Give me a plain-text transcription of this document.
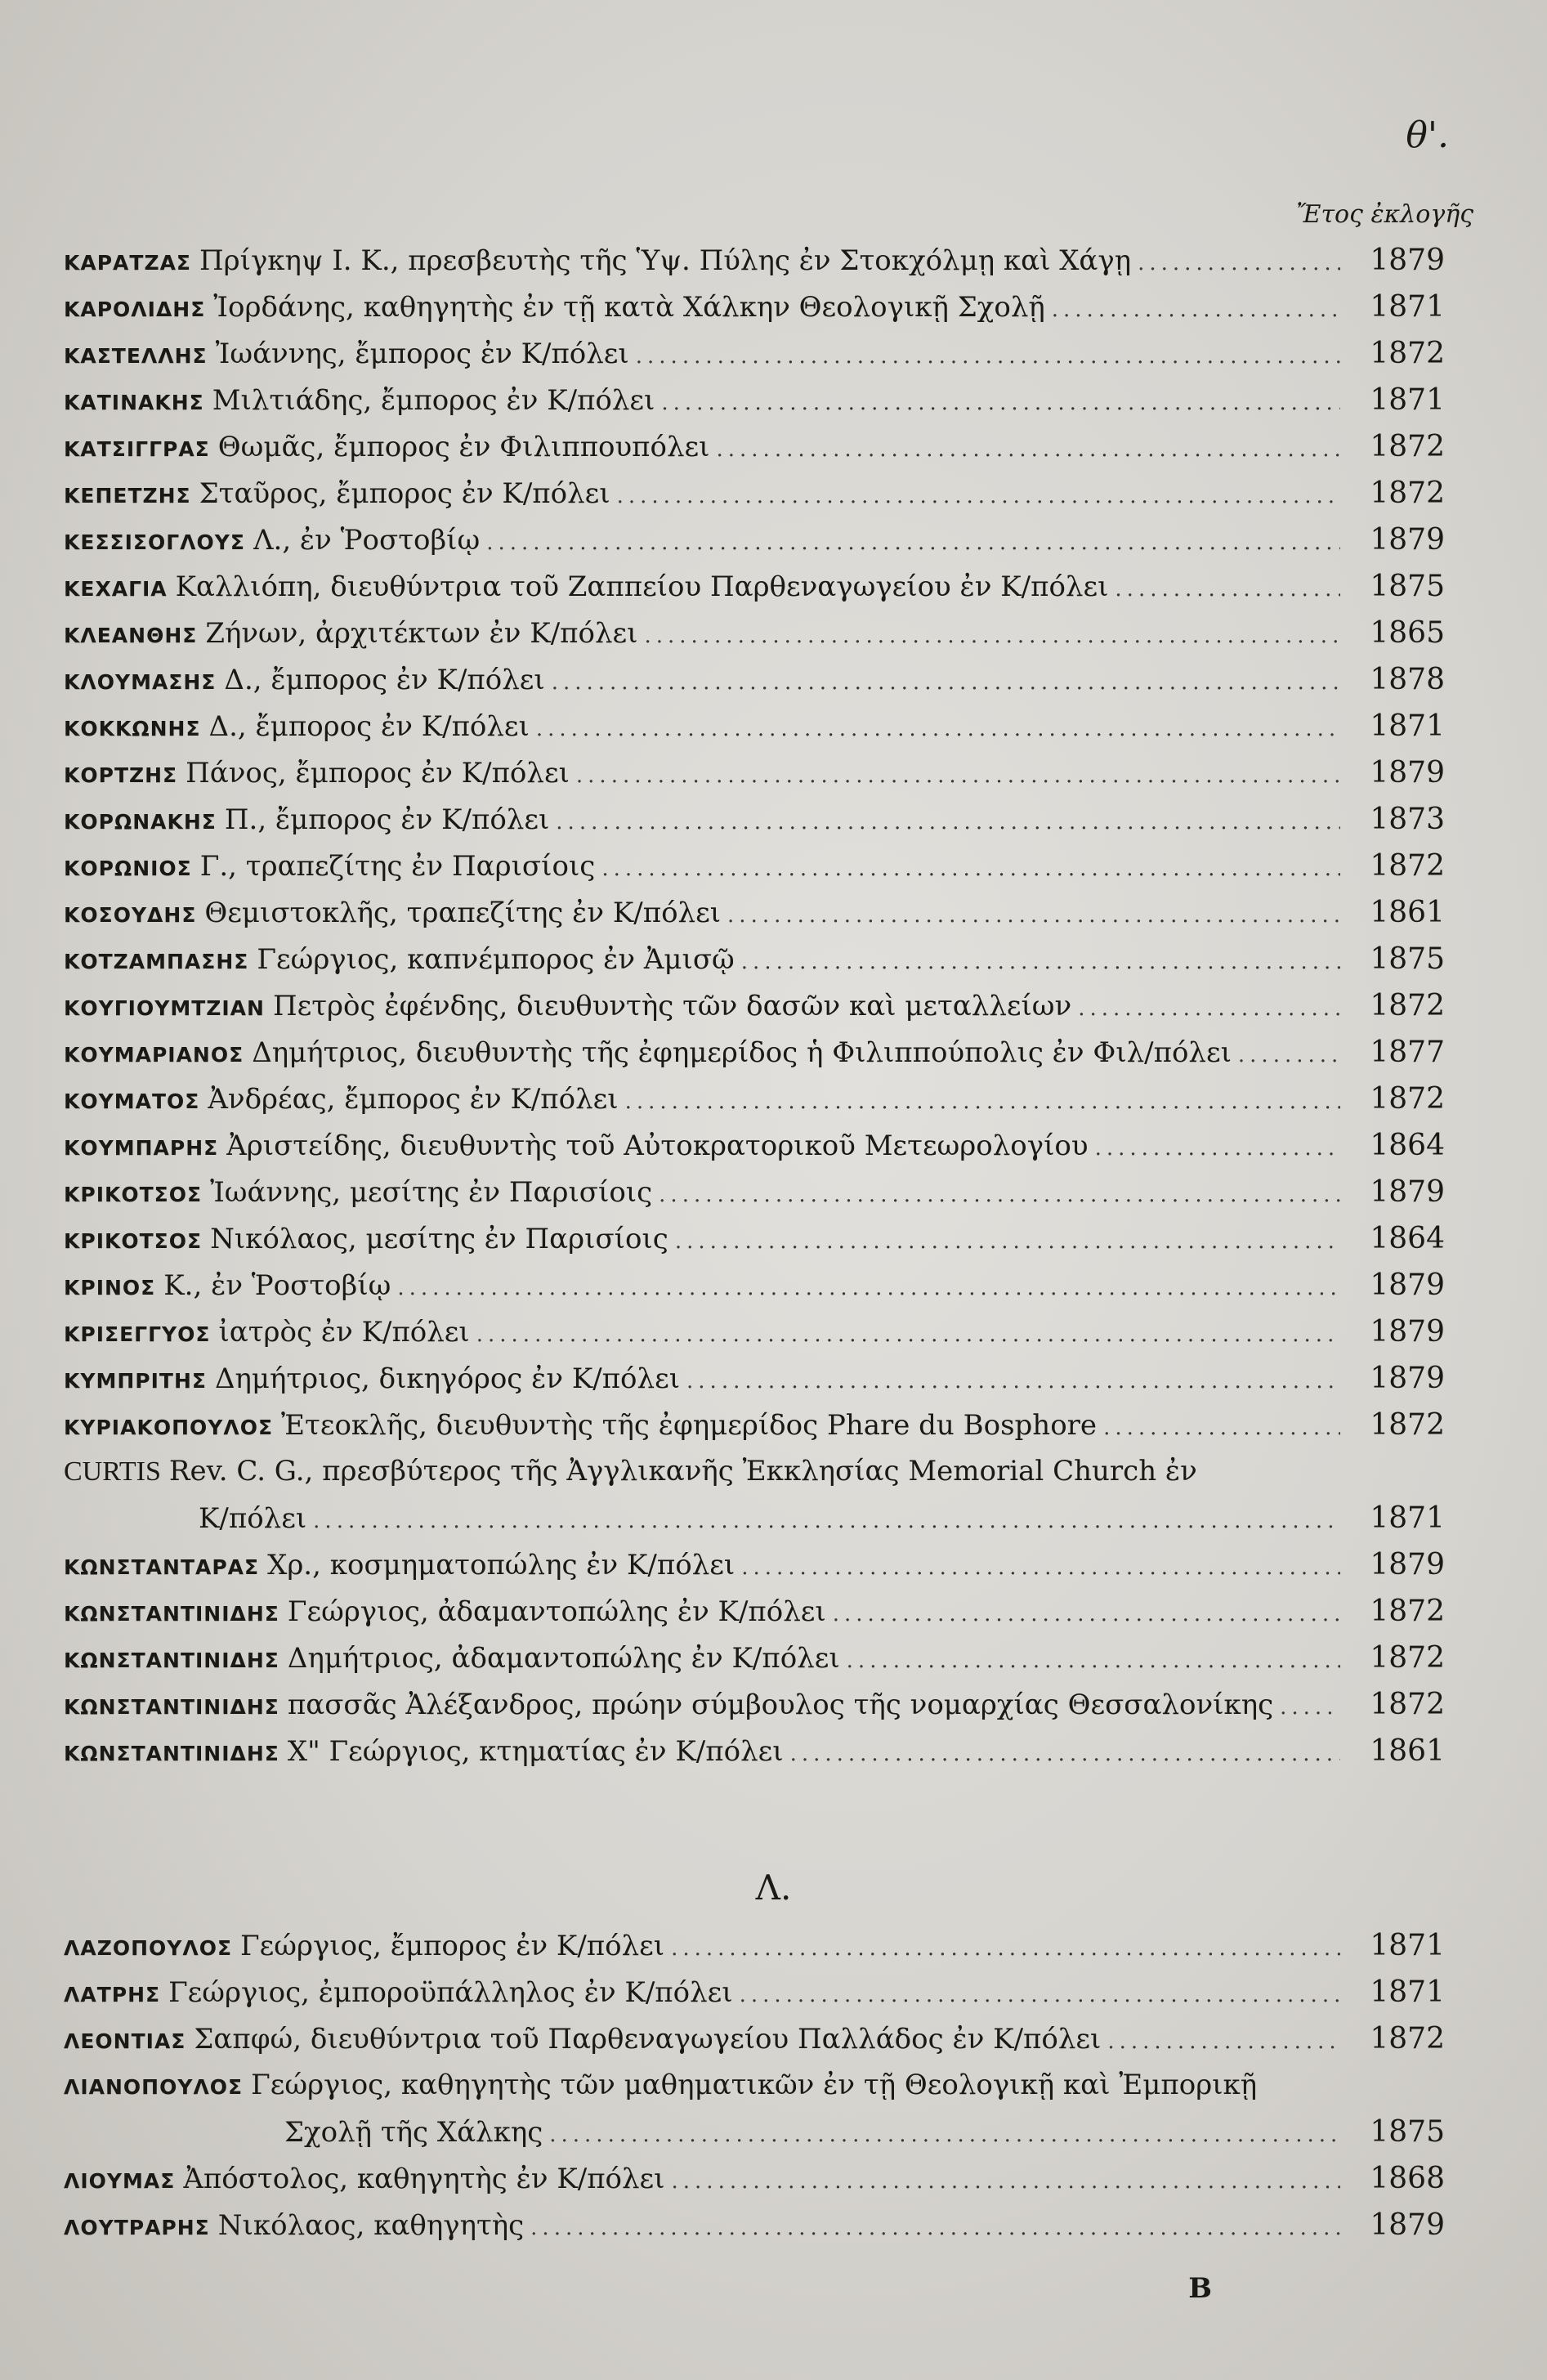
θ'.
Ἔτος ἐκλογῆς
ΚΑΡΑΤΖΑΣ Πρίγκηψ Ι. Κ., πρεσβευτὴς τῆς Ὑψ. Πύλης ἐν Στοκχόλμῃ καὶ Χάγῃ .....	1879
ΚΑΡΟΛΙΔΗΣ Ἰορδάνης, καθηγητὴς ἐν τῇ κατὰ Χάλκην Θεολογικῇ Σχολῇ .....	1871
ΚΑΣΤΕΛΛΗΣ Ἰωάννης, ἔμπορος ἐν Κ/πόλει .....	1872
ΚΑΤΙΝΑΚΗΣ Μιλτιάδης, ἔμπορος ἐν Κ/πόλει .....	1871
ΚΑΤΣΙΓΓΡΑΣ Θωμᾶς, ἔμπορος ἐν Φιλιππουπόλει .....	1872
ΚΕΠΕΤΖΗΣ Σταῦρος, ἔμπορος ἐν Κ/πόλει .....	1872
ΚΕΣΣΙΣΟΓΛΟΥΣ Λ., ἐν Ῥοστοβίῳ .....	1879
ΚΕΧΑΓΙΑ Καλλιόπη, διευθύντρια τοῦ Ζαππείου Παρθεναγωγείου ἐν Κ/πόλει .....	1875
ΚΛΕΑΝΘΗΣ Ζήνων, ἀρχιτέκτων ἐν Κ/πόλει .....	1865
ΚΛΟΥΜΑΣΗΣ Δ., ἔμπορος ἐν Κ/πόλει .....	1878
ΚΟΚΚΩΝΗΣ Δ., ἔμπορος ἐν Κ/πόλει .....	1871
ΚΟΡΤΖΗΣ Πάνος, ἔμπορος ἐν Κ/πόλει .....	1879
ΚΟΡΩΝΑΚΗΣ Π., ἔμπορος ἐν Κ/πόλει .....	1873
ΚΟΡΩΝΙΟΣ Γ., τραπεζίτης ἐν Παρισίοις .....	1872
ΚΟΣΟΥΔΗΣ Θεμιστοκλῆς, τραπεζίτης ἐν Κ/πόλει .....	1861
ΚΟΤΖΑΜΠΑΣΗΣ Γεώργιος, καπνέμπορος ἐν Ἀμισῷ .....	1875
ΚΟΥΓΙΟΥΜΤΖΙΑΝ Πετρὸς ἐφένδης, διευθυντὴς τῶν δασῶν καὶ μεταλλείων .....	1872
ΚΟΥΜΑΡΙΑΝΟΣ Δημήτριος, διευθυντὴς τῆς ἐφημερίδος ἡ Φιλιππούπολις ἐν Φιλ/πόλει .....	1877
ΚΟΥΜΑΤΟΣ Ἀνδρέας, ἔμπορος ἐν Κ/πόλει .....	1872
ΚΟΥΜΠΑΡΗΣ Ἀριστείδης, διευθυντὴς τοῦ Αὐτοκρατορικοῦ Μετεωρολογίου .....	1864
ΚΡΙΚΟΤΣΟΣ Ἰωάννης, μεσίτης ἐν Παρισίοις .....	1879
ΚΡΙΚΟΤΣΟΣ Νικόλαος, μεσίτης ἐν Παρισίοις .....	1864
ΚΡΙΝΟΣ Κ., ἐν Ῥοστοβίῳ .....	1879
ΚΡΙΣΕΓΓΥΟΣ ἰατρὸς ἐν Κ/πόλει .....	1879
ΚΥΜΠΡΙΤΗΣ Δημήτριος, δικηγόρος ἐν Κ/πόλει .....	1879
ΚΥΡΙΑΚΟΠΟΥΛΟΣ Ἐτεοκλῆς, διευθυντὴς τῆς ἐφημερίδος Phare du Bosphore .....	1872
CURTIS Rev. C. G., πρεσβύτερος τῆς Ἀγγλικανῆς Ἐκκλησίας Memorial Church ἐν
Κ/πόλει .....	1871
ΚΩΝΣΤΑΝΤΑΡΑΣ Χρ., κοσμηματοπώλης ἐν Κ/πόλει .....	1879
ΚΩΝΣΤΑΝΤΙΝΙΔΗΣ Γεώργιος, ἀδαμαντοπώλης ἐν Κ/πόλει .....	1872
ΚΩΝΣΤΑΝΤΙΝΙΔΗΣ Δημήτριος, ἀδαμαντοπώλης ἐν Κ/πόλει .....	1872
ΚΩΝΣΤΑΝΤΙΝΙΔΗΣ πασσᾶς Ἀλέξανδρος, πρώην σύμβουλος τῆς νομαρχίας Θεσσαλονίκης .....	1872
ΚΩΝΣΤΑΝΤΙΝΙΔΗΣ Χ" Γεώργιος, κτηματίας ἐν Κ/πόλει .....	1861
Λ.
ΛΑΖΟΠΟΥΛΟΣ Γεώργιος, ἔμπορος ἐν Κ/πόλει .....	1871
ΛΑΤΡΗΣ Γεώργιος, ἐμποροϋπάλληλος ἐν Κ/πόλει .....	1871
ΛΕΟΝΤΙΑΣ Σαπφώ, διευθύντρια τοῦ Παρθεναγωγείου Παλλάδος ἐν Κ/πόλει .....	1872
ΛΙΑΝΟΠΟΥΛΟΣ Γεώργιος, καθηγητὴς τῶν μαθηματικῶν ἐν τῇ Θεολογικῇ καὶ Ἐμπορικῇ
Σχολῇ τῆς Χάλκης .....	1875
ΛΙΟΥΜΑΣ Ἀπόστολος, καθηγητὴς ἐν Κ/πόλει .....	1868
ΛΟΥΤΡΑΡΗΣ Νικόλαος, καθηγητὴς .....	1879
Β
